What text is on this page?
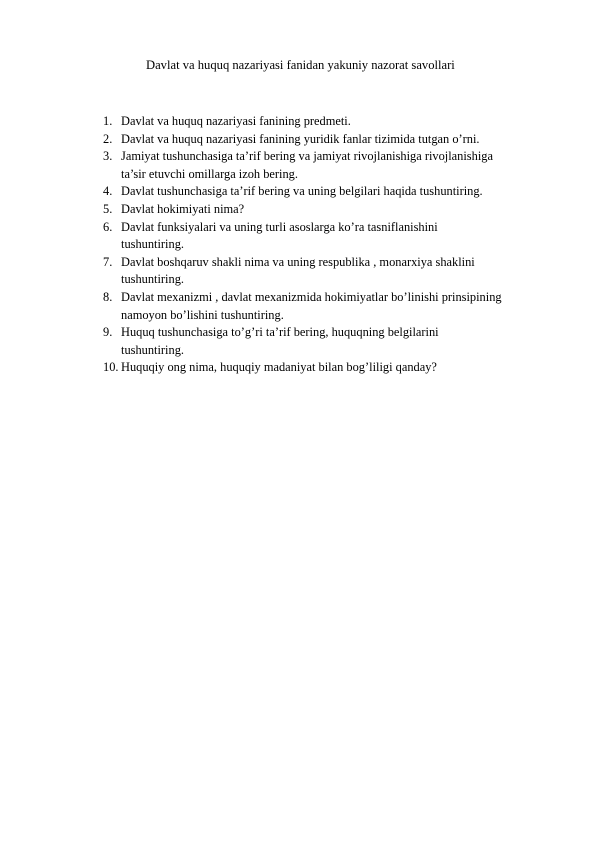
Davlat va huquq nazariyasi fanidan yakuniy nazorat savollari
1. Davlat va huquq nazariyasi fanining predmeti.
2. Davlat va huquq nazariyasi fanining yuridik fanlar tizimida tutgan o’rni.
3. Jamiyat tushunchasiga ta’rif bering va jamiyat rivojlanishiga rivojlanishiga
ta’sir etuvchi omillarga izoh bering.
4. Davlat tushunchasiga ta’rif bering va uning belgilari haqida tushuntiring.
5. Davlat hokimiyati nima?
6. Davlat funksiyalari va uning turli asoslarga ko’ra tasniflanishini
tushuntiring.
7. Davlat boshqaruv shakli nima va uning respublika , monarxiya shaklini
tushuntiring.
8. Davlat mexanizmi , davlat mexanizmida hokimiyatlar bo’linishi prinsipining
namoyon bo’lishini tushuntiring.
9. Huquq tushunchasiga to’g’ri ta’rif bering, huquqning belgilarini
tushuntiring.
10. Huquqiy ong nima, huquqiy madaniyat bilan bog’liligi qanday?
